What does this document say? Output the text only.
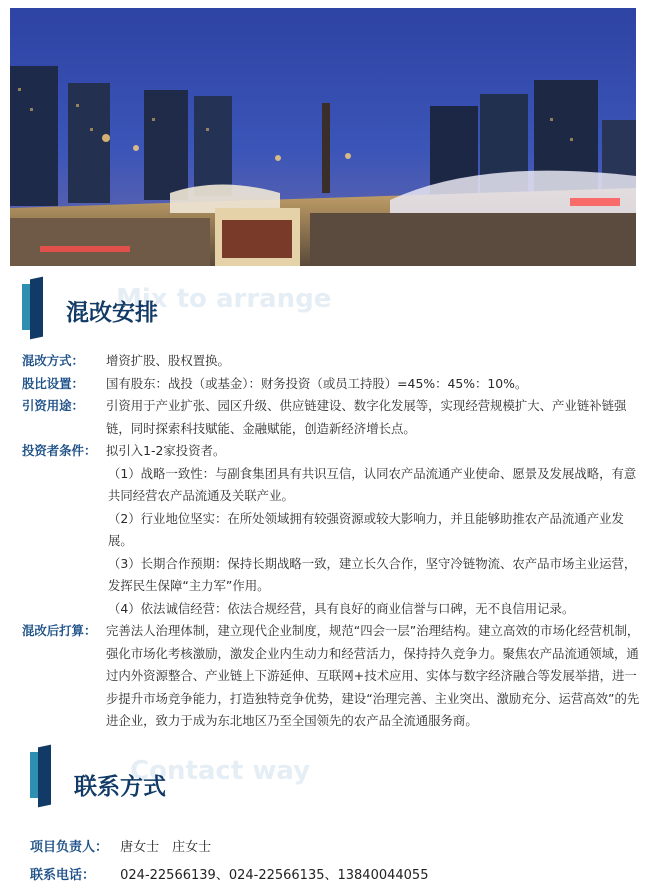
Mix to arrange
混改安排
混改方式： 增资扩股、股权置换。
股比设置： 国有股东：战投（或基金）：财务投资（或员工持股）=45%：45%：10%。
引资用途： 引资用于产业扩张、园区升级、供应链建设、数字化发展等，实现经营规模扩大、产业链补链强链，同时探索科技赋能、金融赋能，创造新经济增长点。
投资者条件： 拟引入1-2家投资者。
（1）战略一致性：与副食集团具有共识互信，认同农产品流通产业使命、愿景及发展战略，有意共同经营农产品流通及关联产业。
（2）行业地位坚实：在所处领域拥有较强资源或较大影响力，并且能够助推农产品流通产业发展。
（3）长期合作预期：保持长期战略一致，建立长久合作，坚守冷链物流、农产品市场主业运营，发挥民生保障“主力军”作用。
（4）依法诚信经营：依法合规经营，具有良好的商业信誉与口碑，无不良信用记录。
混改后打算： 完善法人治理体制，建立现代企业制度，规范“四会一层”治理结构。建立高效的市场化经营机制，强化市场化考核激励，激发企业内生动力和经营活力，保持持久竞争力。聚焦农产品流通领域，通过内外资源整合、产业链上下游延伸、互联网+技术应用、实体与数字经济融合等发展举措，进一步提升市场竞争能力，打造独特竞争优势，建设“治理完善、主业突出、激励充分、运营高效”的先进企业，致力于成为东北地区乃至全国领先的农产品全流通服务商。
Contact way
联系方式
项目负责人： 唐女士　庄女士
联系电话： 024-22566139、024-22566135、13840044055
